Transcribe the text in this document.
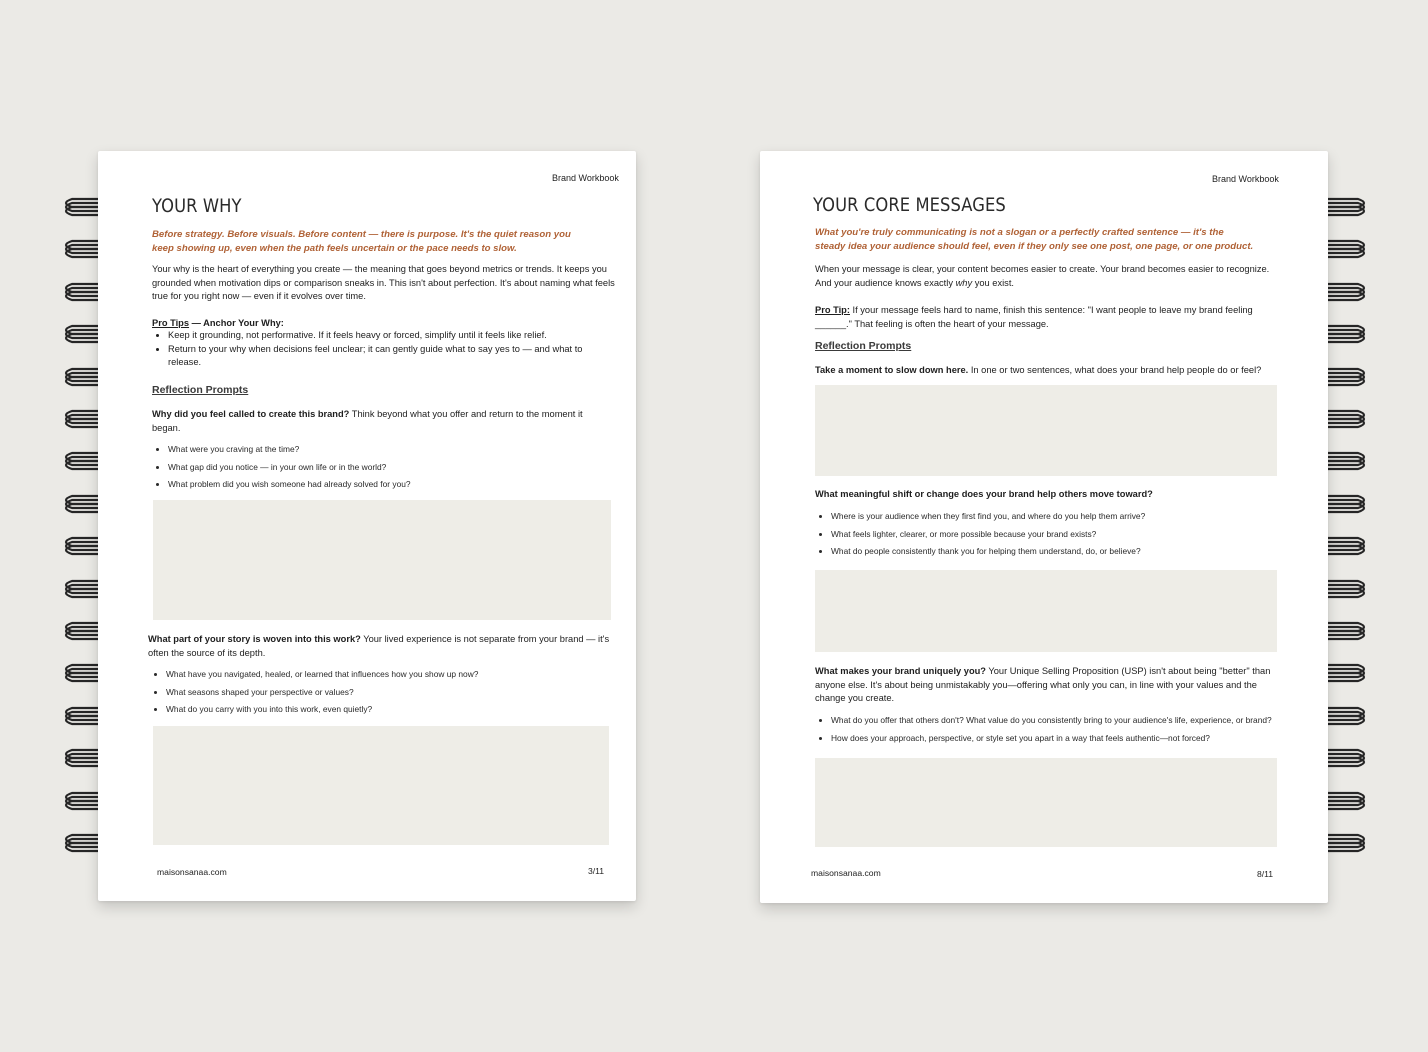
Brand Workbook
YOUR WHY
Before strategy. Before visuals. Before content — there is purpose. It's the quiet reason you keep showing up, even when the path feels uncertain or the pace needs to slow.
Your why is the heart of everything you create — the meaning that goes beyond metrics or trends. It keeps you grounded when motivation dips or comparison sneaks in. This isn't about perfection. It's about naming what feels true for you right now — even if it evolves over time.
Pro Tips — Anchor Your Why:
• Keep it grounding, not performative. If it feels heavy or forced, simplify until it feels like relief.
• Return to your why when decisions feel unclear; it can gently guide what to say yes to — and what to release.
Reflection Prompts
Why did you feel called to create this brand? Think beyond what you offer and return to the moment it began.
• What were you craving at the time?
• What gap did you notice — in your own life or in the world?
• What problem did you wish someone had already solved for you?
What part of your story is woven into this work? Your lived experience is not separate from your brand — it's often the source of its depth.
• What have you navigated, healed, or learned that influences how you show up now?
• What seasons shaped your perspective or values?
• What do you carry with you into this work, even quietly?
maisonsanaa.com	3/11
Brand Workbook
YOUR CORE MESSAGES
What you're truly communicating is not a slogan or a perfectly crafted sentence — it's the steady idea your audience should feel, even if they only see one post, one page, or one product.
When your message is clear, your content becomes easier to create. Your brand becomes easier to recognize. And your audience knows exactly why you exist.
Pro Tip: If your message feels hard to name, finish this sentence: "I want people to leave my brand feeling ______." That feeling is often the heart of your message.
Reflection Prompts
Take a moment to slow down here. In one or two sentences, what does your brand help people do or feel?
What meaningful shift or change does your brand help others move toward?
• Where is your audience when they first find you, and where do you help them arrive?
• What feels lighter, clearer, or more possible because your brand exists?
• What do people consistently thank you for helping them understand, do, or believe?
What makes your brand uniquely you? Your Unique Selling Proposition (USP) isn't about being "better" than anyone else. It's about being unmistakably you—offering what only you can, in line with your values and the change you create.
• What do you offer that others don't? What value do you consistently bring to your audience's life, experience, or brand?
• How does your approach, perspective, or style set you apart in a way that feels authentic—not forced?
maisonsanaa.com	8/11
